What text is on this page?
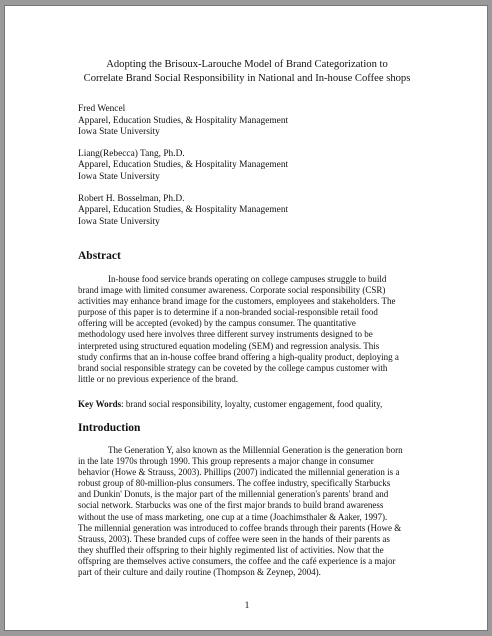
Adopting the Brisoux-Larouche Model of Brand Categorization to
Correlate Brand Social Responsibility in National and In-house Coffee shops
Fred Wencel
Apparel, Education Studies, & Hospitality Management
Iowa State University
Liang(Rebecca) Tang, Ph.D.
Apparel, Education Studies, & Hospitality Management
Iowa State University
Robert H. Bosselman, Ph.D.
Apparel, Education Studies, & Hospitality Management
Iowa State University
Abstract
In-house food service brands operating on college campuses struggle to build
brand image with limited consumer awareness. Corporate social responsibility (CSR)
activities may enhance brand image for the customers, employees and stakeholders. The
purpose of this paper is to determine if a non-branded social-responsible retail food
offering will be accepted (evoked) by the campus consumer. The quantitative
methodology used here involves three different survey instruments designed to be
interpreted using structured equation modeling (SEM) and regression analysis. This
study confirms that an in-house coffee brand offering a high-quality product, deploying a
brand social responsible strategy can be coveted by the college campus customer with
little or no previous experience of the brand.
Key Words: brand social responsibility, loyalty, customer engagement, food quality,
Introduction
The Generation Y, also known as the Millennial Generation is the generation born
in the late 1970s through 1990. This group represents a major change in consumer
behavior (Howe & Strauss, 2003). Phillips (2007) indicated the millennial generation is a
robust group of 80-million-plus consumers. The coffee industry, specifically Starbucks
and Dunkin' Donuts, is the major part of the millennial generation's parents' brand and
social network. Starbucks was one of the first major brands to build brand awareness
without the use of mass marketing, one cup at a time (Joachimsthaler & Aaker, 1997).
The millennial generation was introduced to coffee brands through their parents (Howe &
Strauss, 2003). These branded cups of coffee were seen in the hands of their parents as
they shuffled their offspring to their highly regimented list of activities. Now that the
offspring are themselves active consumers, the coffee and the café experience is a major
part of their culture and daily routine (Thompson & Zeynep, 2004).
1
